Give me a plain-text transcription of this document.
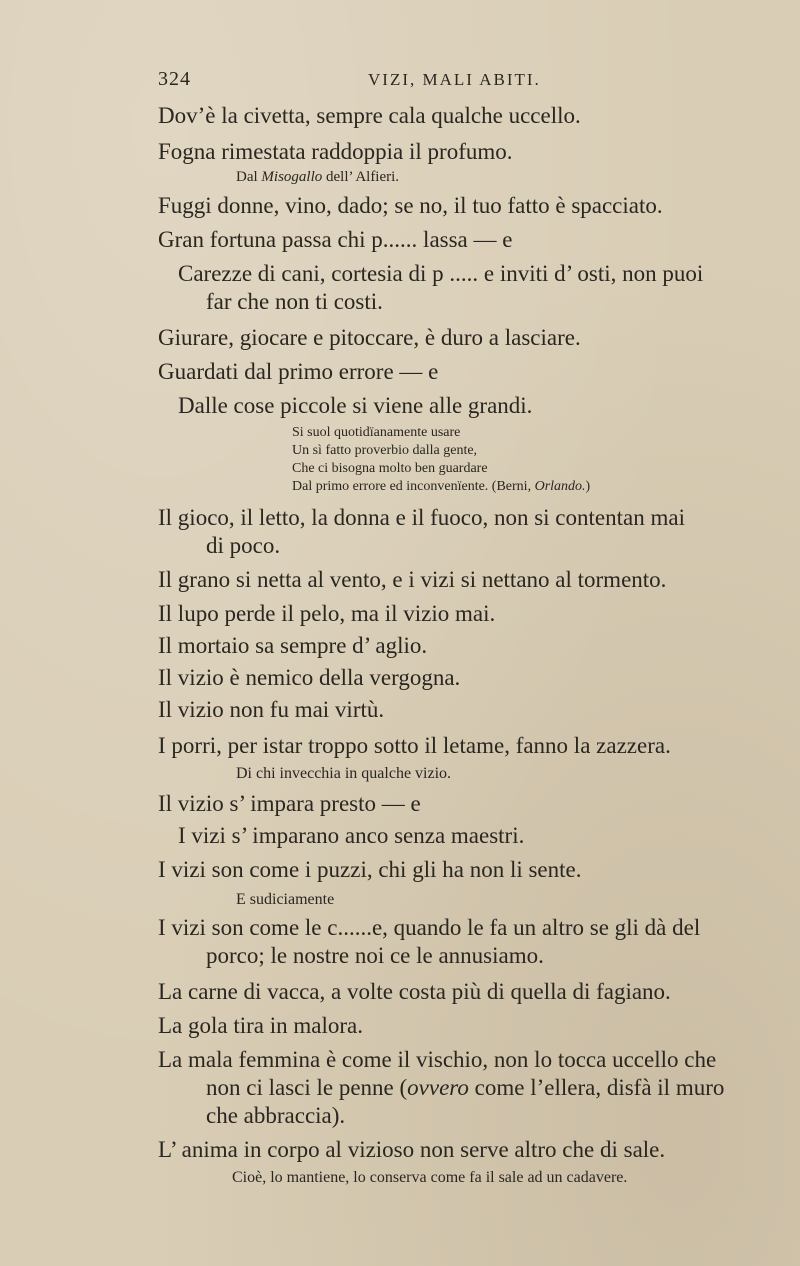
324	VIZI, MALI ABITI.
Dov’è la civetta, sempre cala qualche uccello.
Fogna rimestata raddoppia il profumo.
Dal Misogallo dell’ Alfieri.
Fuggi donne, vino, dado; se no, il tuo fatto è spacciato.
Gran fortuna passa chi p...... lassa — e
Carezze di cani, cortesia di p ..... e inviti d’ osti, non puoi
far che non ti costi.
Giurare, giocare e pitoccare, è duro a lasciare.
Guardati dal primo errore — e
Dalle cose piccole si viene alle grandi.
Si suol quotidïanamente usare
Un sì fatto proverbio dalla gente,
Che ci bisogna molto ben guardare
Dal primo errore ed inconvenïente. (Berni, Orlando.)
Il gioco, il letto, la donna e il fuoco, non si contentan mai
di poco.
Il grano si netta al vento, e i vizi si nettano al tormento.
Il lupo perde il pelo, ma il vizio mai.
Il mortaio sa sempre d’ aglio.
Il vizio è nemico della vergogna.
Il vizio non fu mai virtù.
I porri, per istar troppo sotto il letame, fanno la zazzera.
Di chi invecchia in qualche vizio.
Il vizio s’ impara presto — e
I vizi s’ imparano anco senza maestri.
I vizi son come i puzzi, chi gli ha non li sente.
E sudiciamente
I vizi son come le c......e, quando le fa un altro se gli dà del
porco; le nostre noi ce le annusiamo.
La carne di vacca, a volte costa più di quella di fagiano.
La gola tira in malora.
La mala femmina è come il vischio, non lo tocca uccello che
non ci lasci le penne (ovvero come l’ellera, disfà il muro
che abbraccia).
L’ anima in corpo al vizioso non serve altro che di sale.
Cioè, lo mantiene, lo conserva come fa il sale ad un cadavere.
